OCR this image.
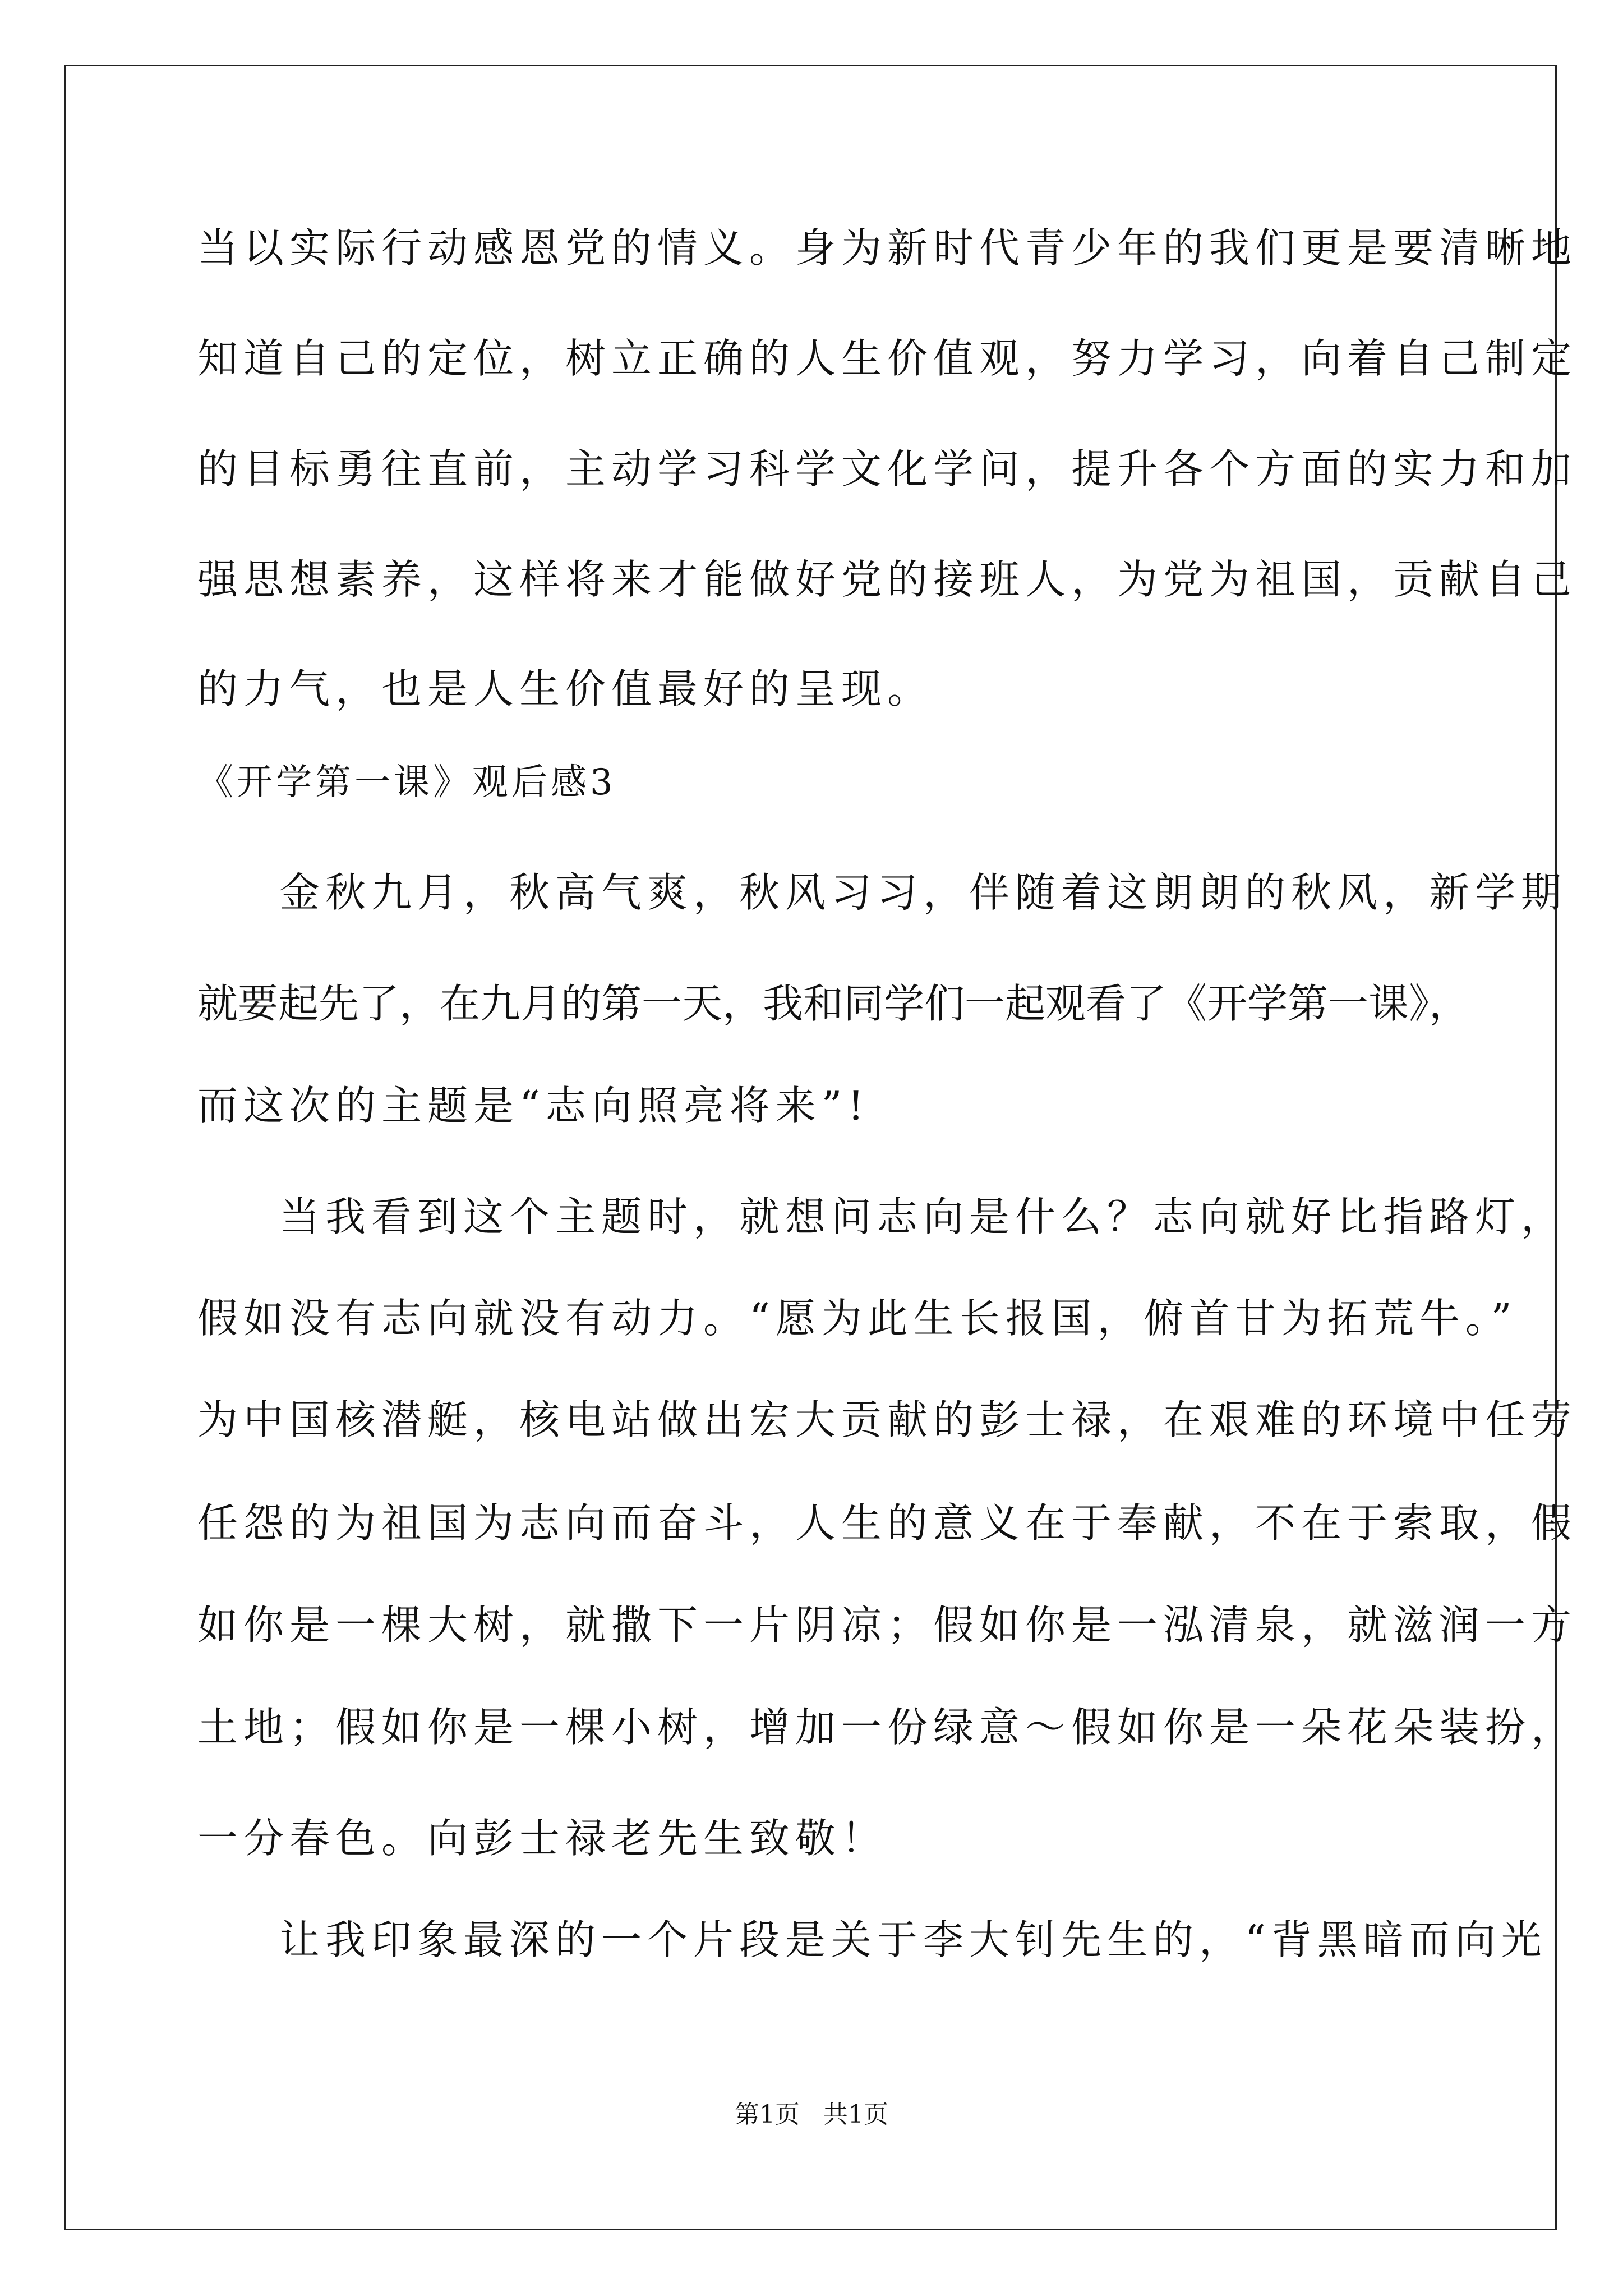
当以实际行动感恩党的情义。身为新时代青少年的我们更是要清晰地
知道自己的定位，树立正确的人生价值观，努力学习，向着自己制定
的目标勇往直前，主动学习科学文化学问，提升各个方面的实力和加
强思想素养，这样将来才能做好党的接班人，为党为祖国，贡献自己
的力气，也是人生价值最好的呈现。
《开学第一课》观后感3
金秋九月，秋高气爽，秋风习习，伴随着这朗朗的秋风，新学期
就要起先了，在九月的第一天，我和同学们一起观看了《开学第一课》，
而这次的主题是“志向照亮将来”!
当我看到这个主题时，就想问志向是什么？志向就好比指路灯，
假如没有志向就没有动力。“愿为此生长报国，俯首甘为拓荒牛。”
为中国核潜艇，核电站做出宏大贡献的彭士禄，在艰难的环境中任劳
任怨的为祖国为志向而奋斗，人生的意义在于奉献，不在于索取，假
如你是一棵大树，就撒下一片阴凉；假如你是一泓清泉，就滋润一方
土地；假如你是一棵小树，增加一份绿意～假如你是一朵花朵装扮，
一分春色。向彭士禄老先生致敬！
让我印象最深的一个片段是关于李大钊先生的，“背黑暗而向光
第1页   共1页
